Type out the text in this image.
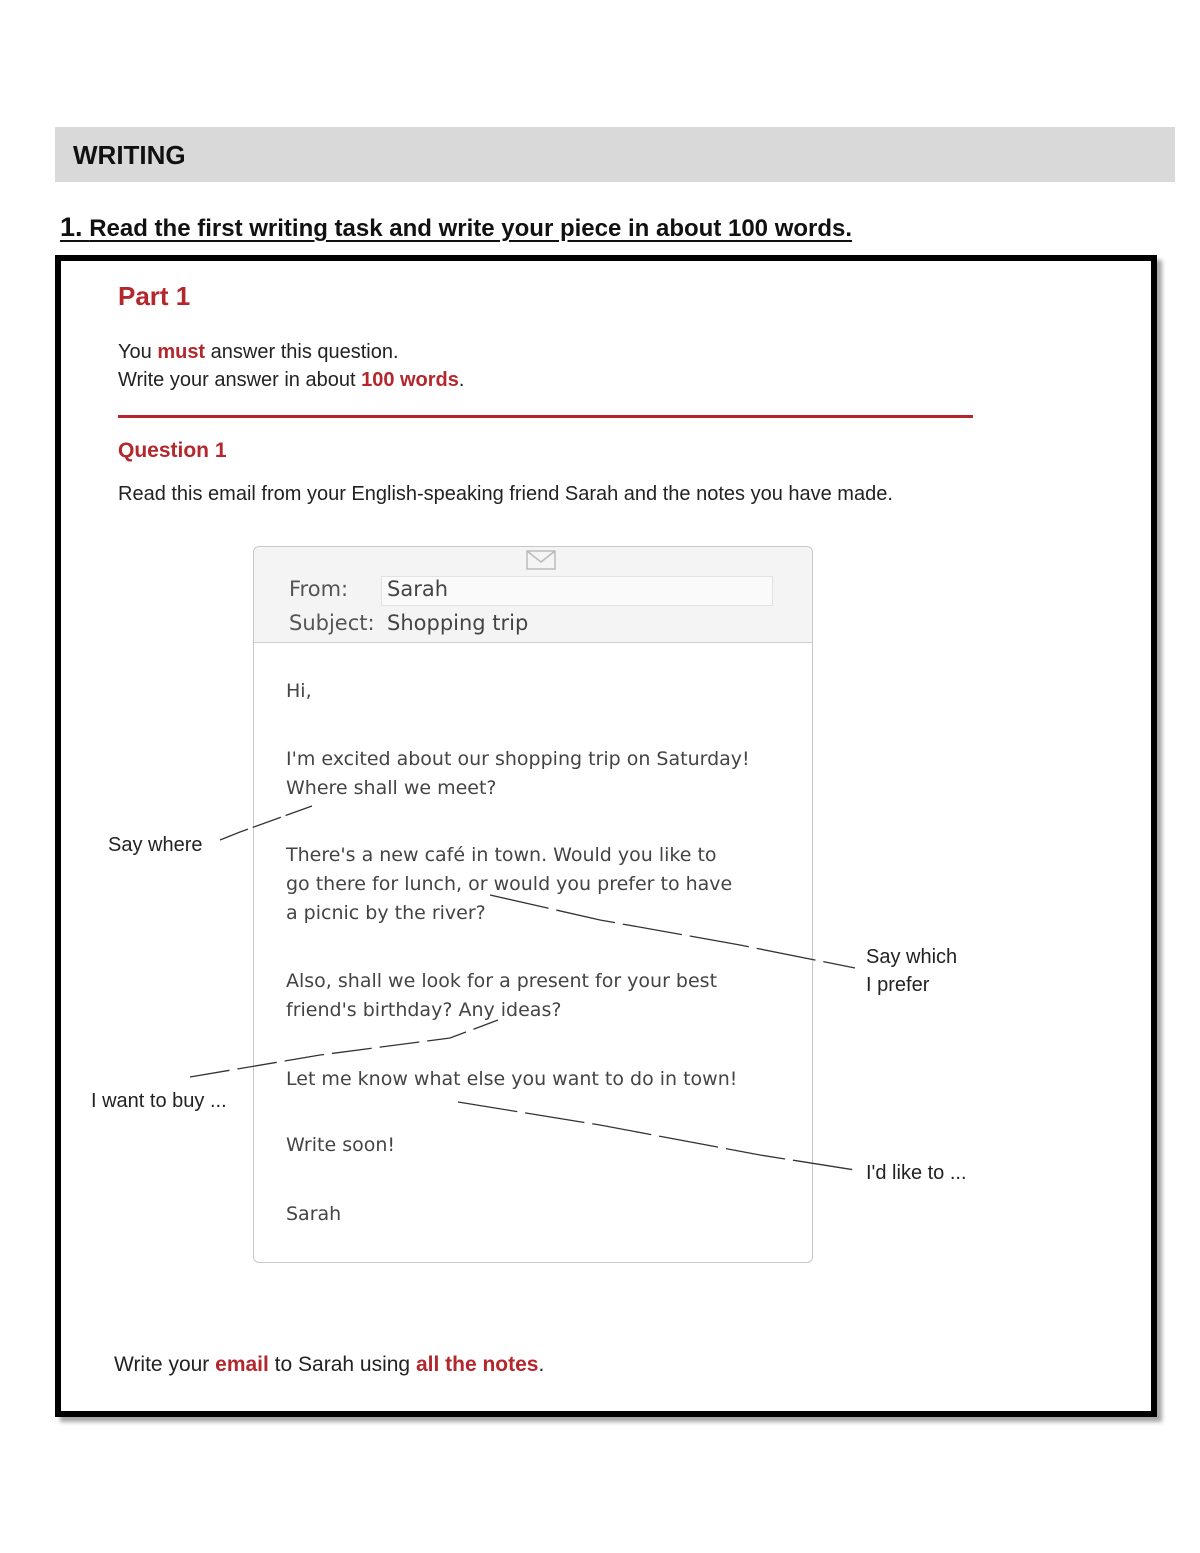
WRITING
1. Read the first writing task and write your piece in about 100 words.
Part 1
You must answer this question.
Write your answer in about 100 words.
Question 1
Read this email from your English-speaking friend Sarah and the notes you have made.
From: Sarah
Subject: Shopping trip
Hi,
I'm excited about our shopping trip on Saturday!
Where shall we meet?
There's a new café in town. Would you like to
go there for lunch, or would you prefer to have
a picnic by the river?
Also, shall we look for a present for your best
friend's birthday? Any ideas?
Let me know what else you want to do in town!
Write soon!
Sarah
Say where
Say which
I prefer
I want to buy ...
I'd like to ...
Write your email to Sarah using all the notes.
